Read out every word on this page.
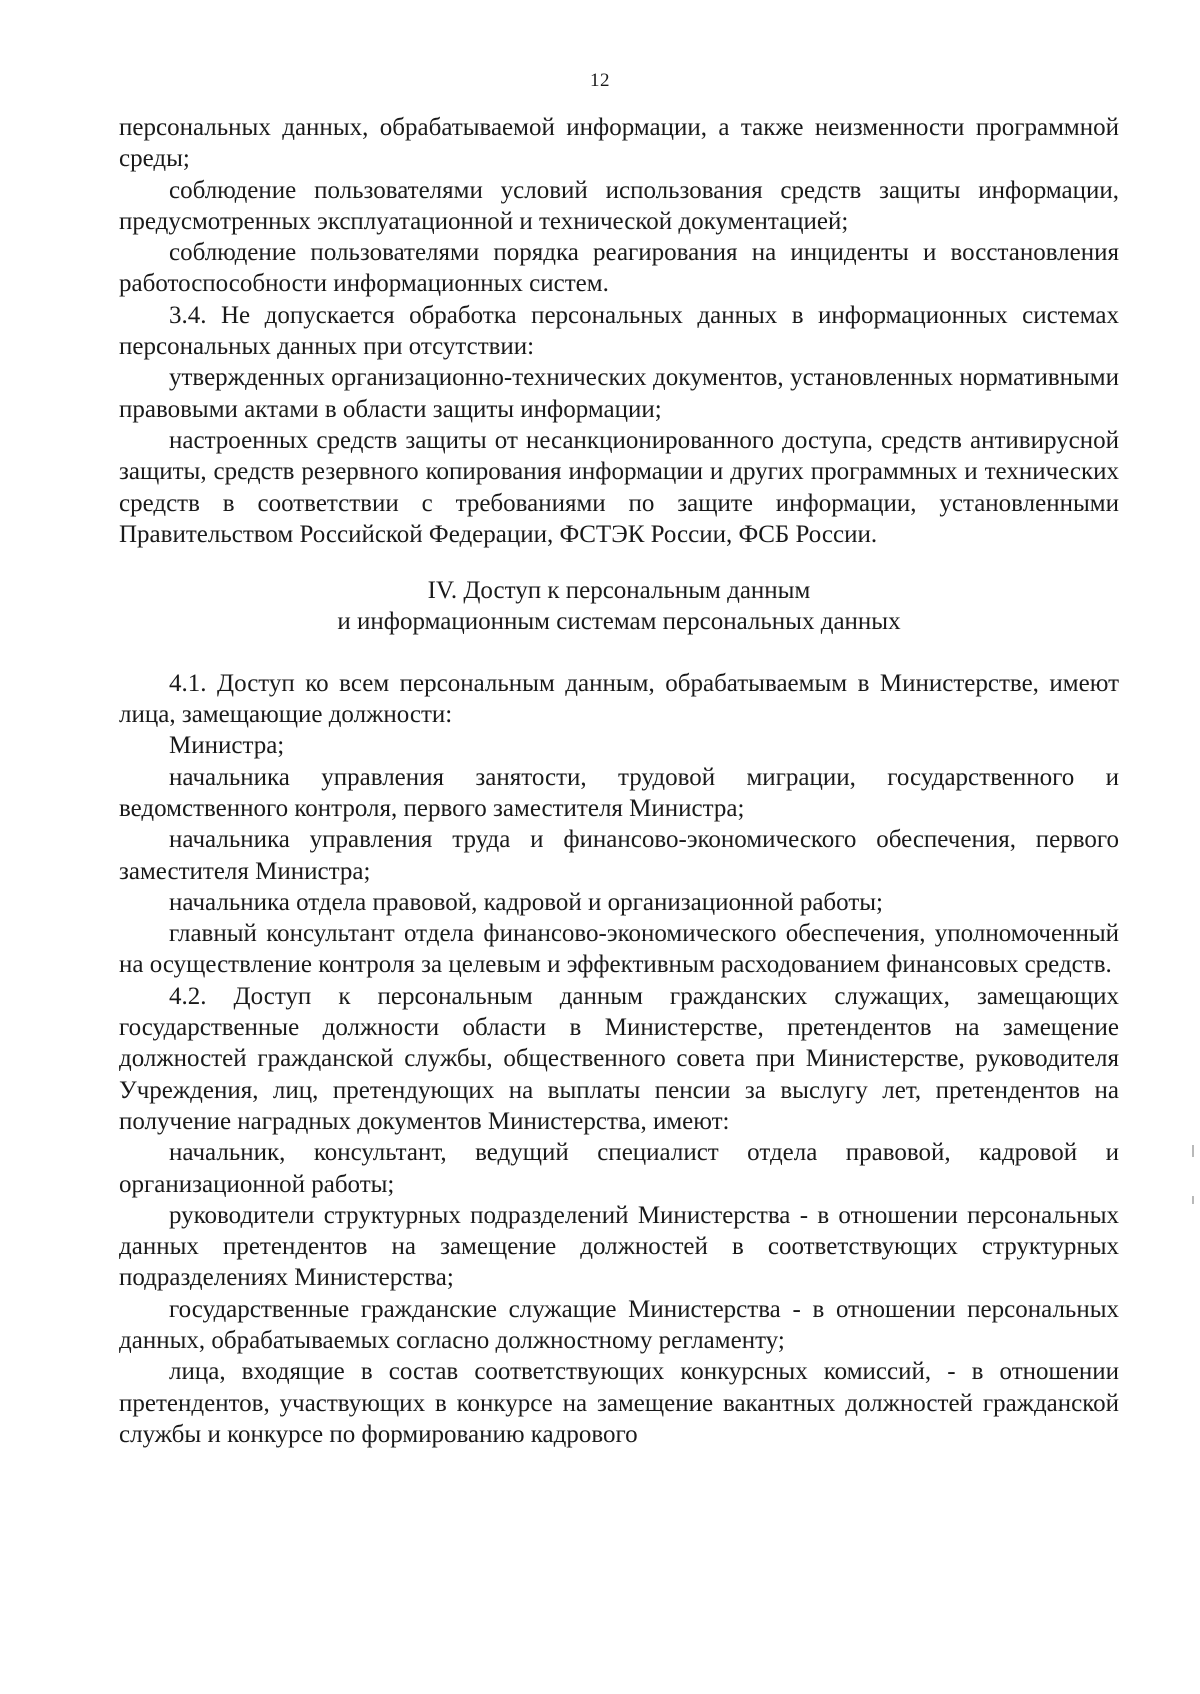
12

персональных данных, обрабатываемой информации, а также неизменности программной среды;

соблюдение пользователями условий использования средств защиты информации, предусмотренных эксплуатационной и технической документацией;

соблюдение пользователями порядка реагирования на инциденты и восстановления работоспособности информационных систем.

3.4. Не допускается обработка персональных данных в информационных системах персональных данных при отсутствии:

утвержденных организационно-технических документов, установленных нормативными правовыми актами в области защиты информации;

настроенных средств защиты от несанкционированного доступа, средств антивирусной защиты, средств резервного копирования информации и других программных и технических средств в соответствии с требованиями по защите информации, установленными Правительством Российской Федерации, ФСТЭК России, ФСБ России.

IV. Доступ к персональным данным
и информационным системам персональных данных

4.1. Доступ ко всем персональным данным, обрабатываемым в Министерстве, имеют лица, замещающие должности:

Министра;

начальника управления занятости, трудовой миграции, государственного и ведомственного контроля, первого заместителя Министра;

начальника управления труда и финансово-экономического обеспечения, первого заместителя Министра;

начальника отдела правовой, кадровой и организационной работы;

главный консультант отдела финансово-экономического обеспечения, уполномоченный на осуществление контроля за целевым и эффективным расходованием финансовых средств.

4.2. Доступ к персональным данным гражданских служащих, замещающих государственные должности области в Министерстве, претендентов на замещение должностей гражданской службы, общественного совета при Министерстве, руководителя Учреждения, лиц, претендующих на выплаты пенсии за выслугу лет, претендентов на получение наградных документов Министерства, имеют:

начальник, консультант, ведущий специалист отдела правовой, кадровой и организационной работы;

руководители структурных подразделений Министерства - в отношении персональных данных претендентов на замещение должностей в соответствующих структурных подразделениях Министерства;

государственные гражданские служащие Министерства - в отношении персональных данных, обрабатываемых согласно должностному регламенту;

лица, входящие в состав соответствующих конкурсных комиссий, - в отношении претендентов, участвующих в конкурсе на замещение вакантных должностей гражданской службы и конкурсе по формированию кадрового
